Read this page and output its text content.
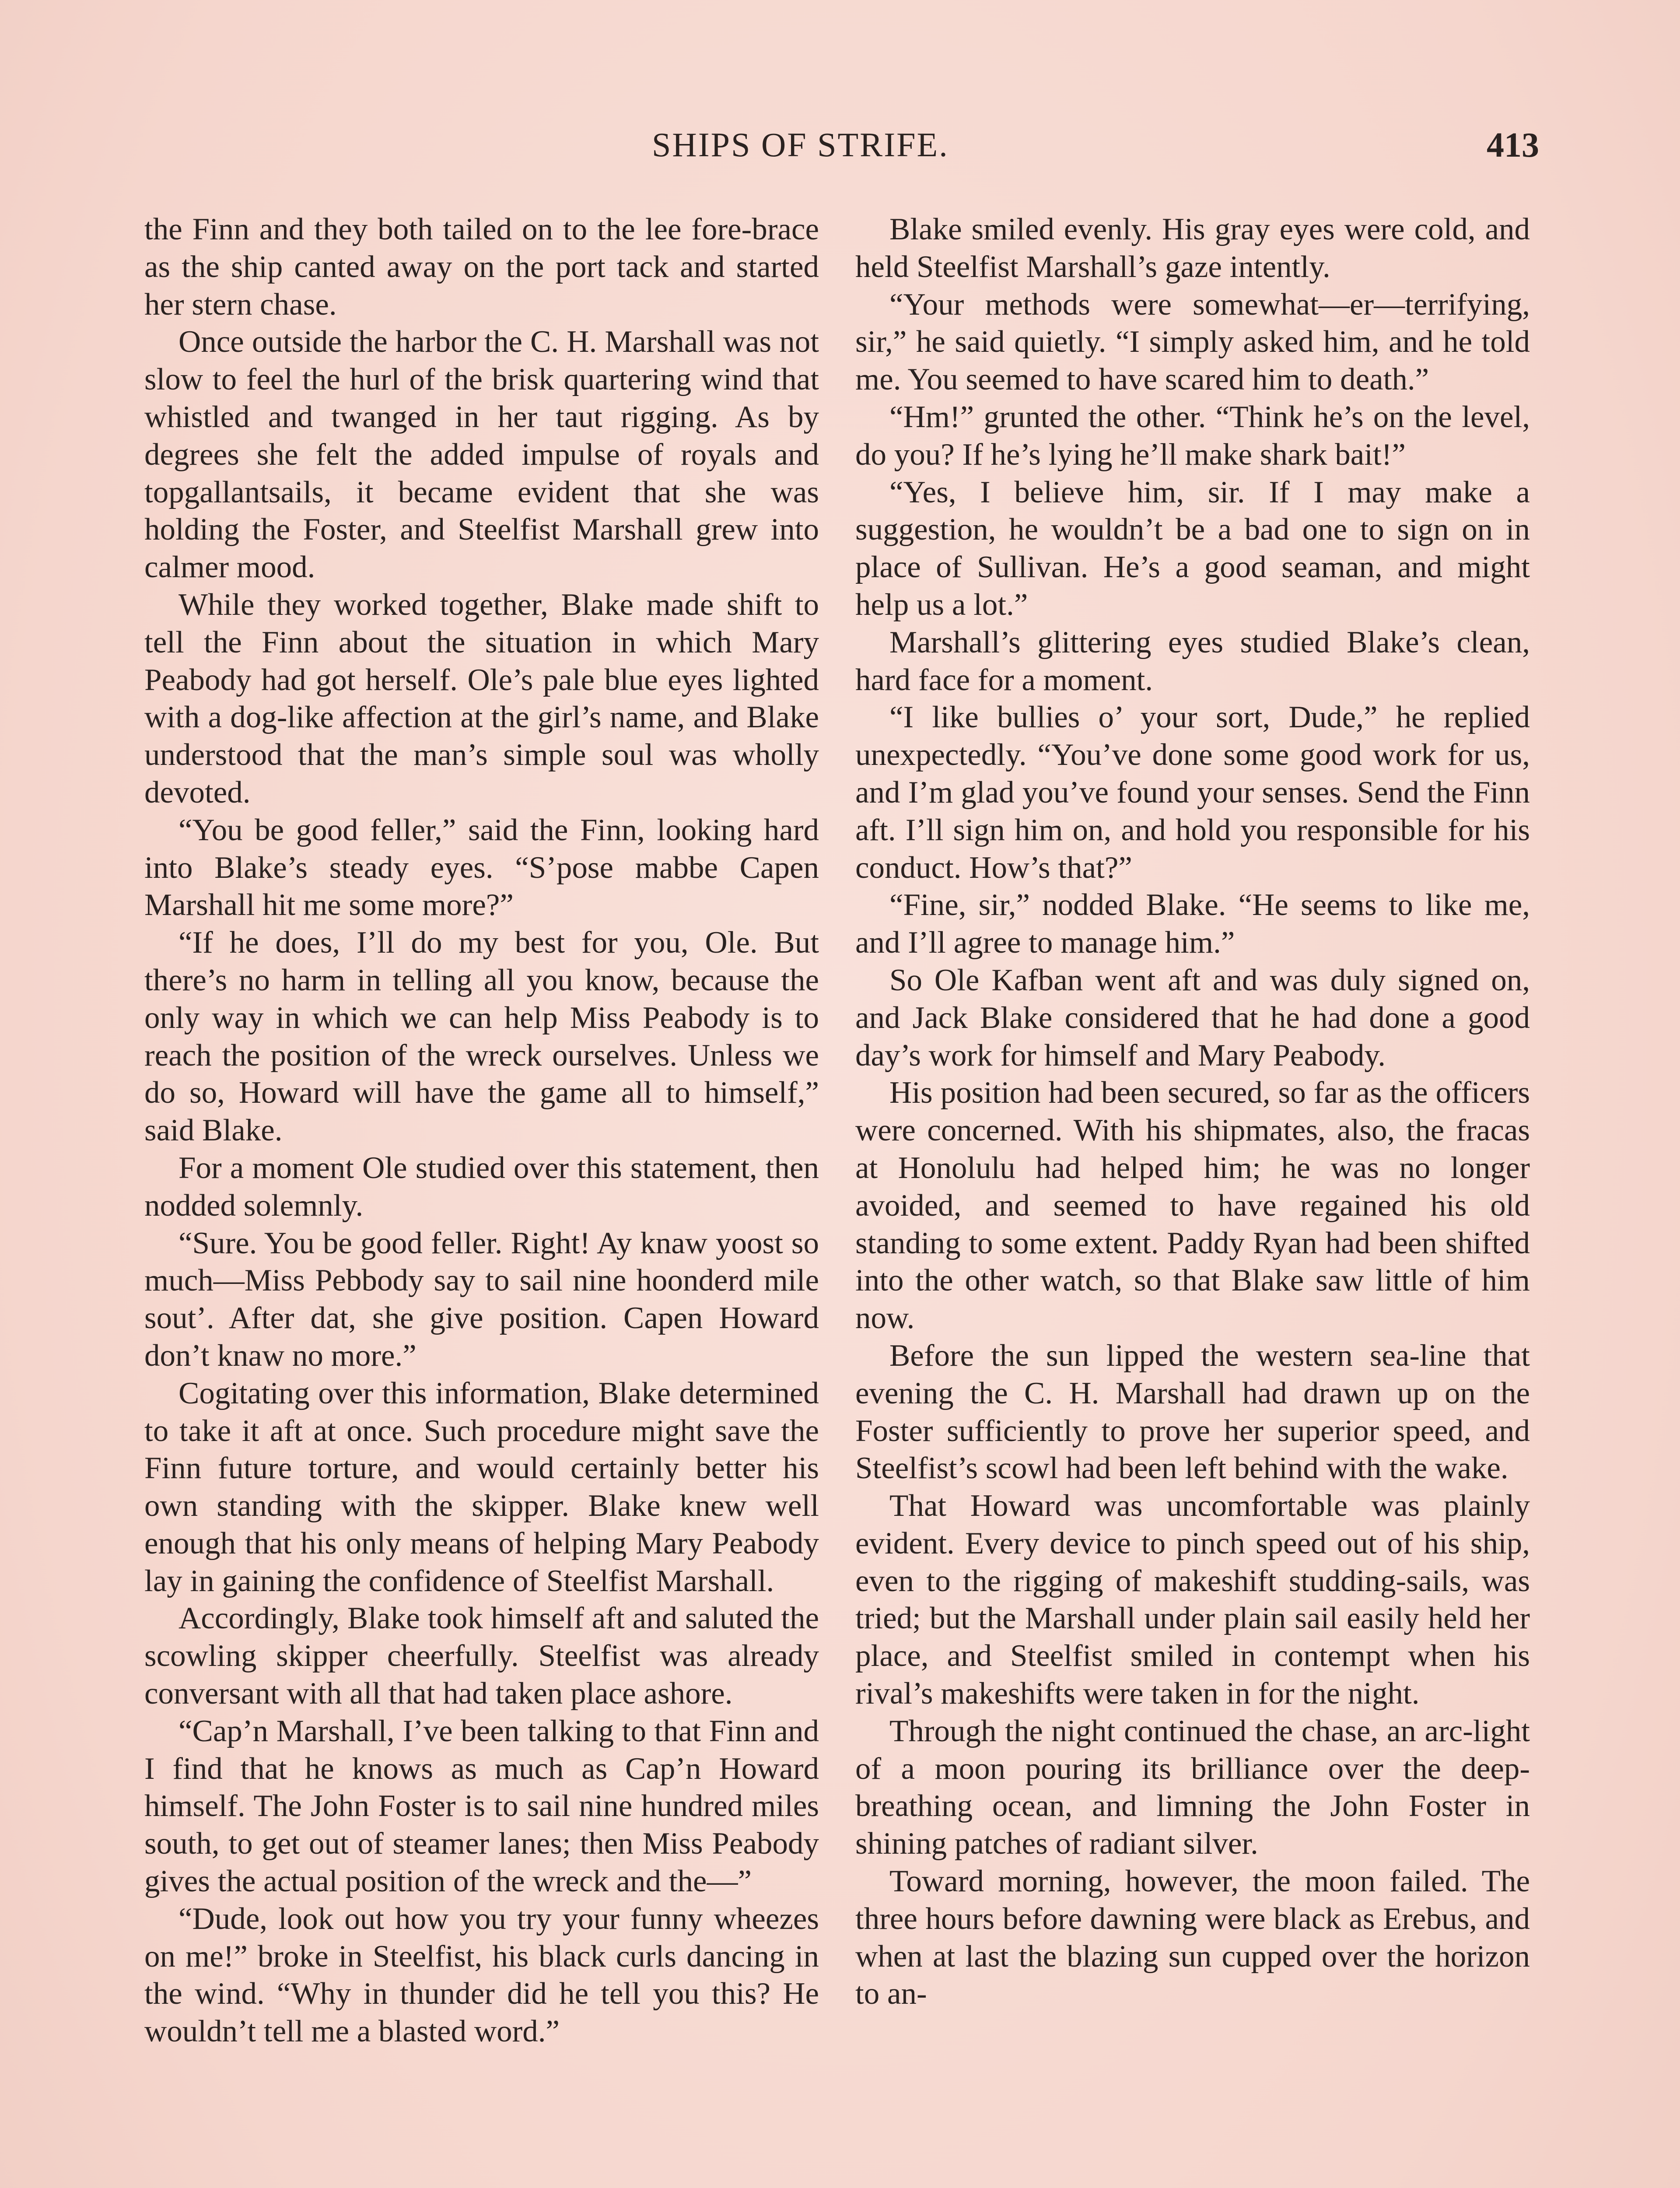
SHIPS OF STRIFE.	413

the Finn and they both tailed on to the lee fore-brace as the ship canted away on the port tack and started her stern chase.

Once outside the harbor the C. H. Marshall was not slow to feel the hurl of the brisk quartering wind that whistled and twanged in her taut rigging. As by degrees she felt the added impulse of royals and topgallantsails, it became evident that she was holding the Foster, and Steelfist Marshall grew into calmer mood.

While they worked together, Blake made shift to tell the Finn about the situation in which Mary Peabody had got herself. Ole’s pale blue eyes lighted with a dog-like affection at the girl’s name, and Blake understood that the man’s simple soul was wholly devoted.

“You be good feller,” said the Finn, looking hard into Blake’s steady eyes. “S’pose mabbe Capen Marshall hit me some more?”

“If he does, I’ll do my best for you, Ole. But there’s no harm in telling all you know, because the only way in which we can help Miss Peabody is to reach the position of the wreck ourselves. Unless we do so, Howard will have the game all to himself,” said Blake.

For a moment Ole studied over this statement, then nodded solemnly.

“Sure. You be good feller. Right! Ay knaw yoost so much—Miss Pebbody say to sail nine hoonderd mile sout’. After dat, she give position. Capen Howard don’t knaw no more.”

Cogitating over this information, Blake determined to take it aft at once. Such procedure might save the Finn future torture, and would certainly better his own standing with the skipper. Blake knew well enough that his only means of helping Mary Peabody lay in gaining the confidence of Steelfist Marshall.

Accordingly, Blake took himself aft and saluted the scowling skipper cheerfully. Steelfist was already conversant with all that had taken place ashore.

“Cap’n Marshall, I’ve been talking to that Finn and I find that he knows as much as Cap’n Howard himself. The John Foster is to sail nine hundred miles south, to get out of steamer lanes; then Miss Peabody gives the actual position of the wreck and the—”

“Dude, look out how you try your funny wheezes on me!” broke in Steelfist, his black curls dancing in the wind. “Why in thunder did he tell you this? He wouldn’t tell me a blasted word.”

Blake smiled evenly. His gray eyes were cold, and held Steelfist Marshall’s gaze intently.

“Your methods were somewhat—er—terrifying, sir,” he said quietly. “I simply asked him, and he told me. You seemed to have scared him to death.”

“Hm!” grunted the other. “Think he’s on the level, do you? If he’s lying he’ll make shark bait!”

“Yes, I believe him, sir. If I may make a suggestion, he wouldn’t be a bad one to sign on in place of Sullivan. He’s a good seaman, and might help us a lot.”

Marshall’s glittering eyes studied Blake’s clean, hard face for a moment.

“I like bullies o’ your sort, Dude,” he replied unexpectedly. “You’ve done some good work for us, and I’m glad you’ve found your senses. Send the Finn aft. I’ll sign him on, and hold you responsible for his conduct. How’s that?”

“Fine, sir,” nodded Blake. “He seems to like me, and I’ll agree to manage him.”

So Ole Kafban went aft and was duly signed on, and Jack Blake considered that he had done a good day’s work for himself and Mary Peabody.

His position had been secured, so far as the officers were concerned. With his shipmates, also, the fracas at Honolulu had helped him; he was no longer avoided, and seemed to have regained his old standing to some extent. Paddy Ryan had been shifted into the other watch, so that Blake saw little of him now.

Before the sun lipped the western sea-line that evening the C. H. Marshall had drawn up on the Foster sufficiently to prove her superior speed, and Steelfist’s scowl had been left behind with the wake.

That Howard was uncomfortable was plainly evident. Every device to pinch speed out of his ship, even to the rigging of makeshift studding-sails, was tried; but the Marshall under plain sail easily held her place, and Steelfist smiled in contempt when his rival’s makeshifts were taken in for the night.

Through the night continued the chase, an arc-light of a moon pouring its brilliance over the deep-breathing ocean, and limning the John Foster in shining patches of radiant silver.

Toward morning, however, the moon failed. The three hours before dawning were black as Erebus, and when at last the blazing sun cupped over the horizon to an-
